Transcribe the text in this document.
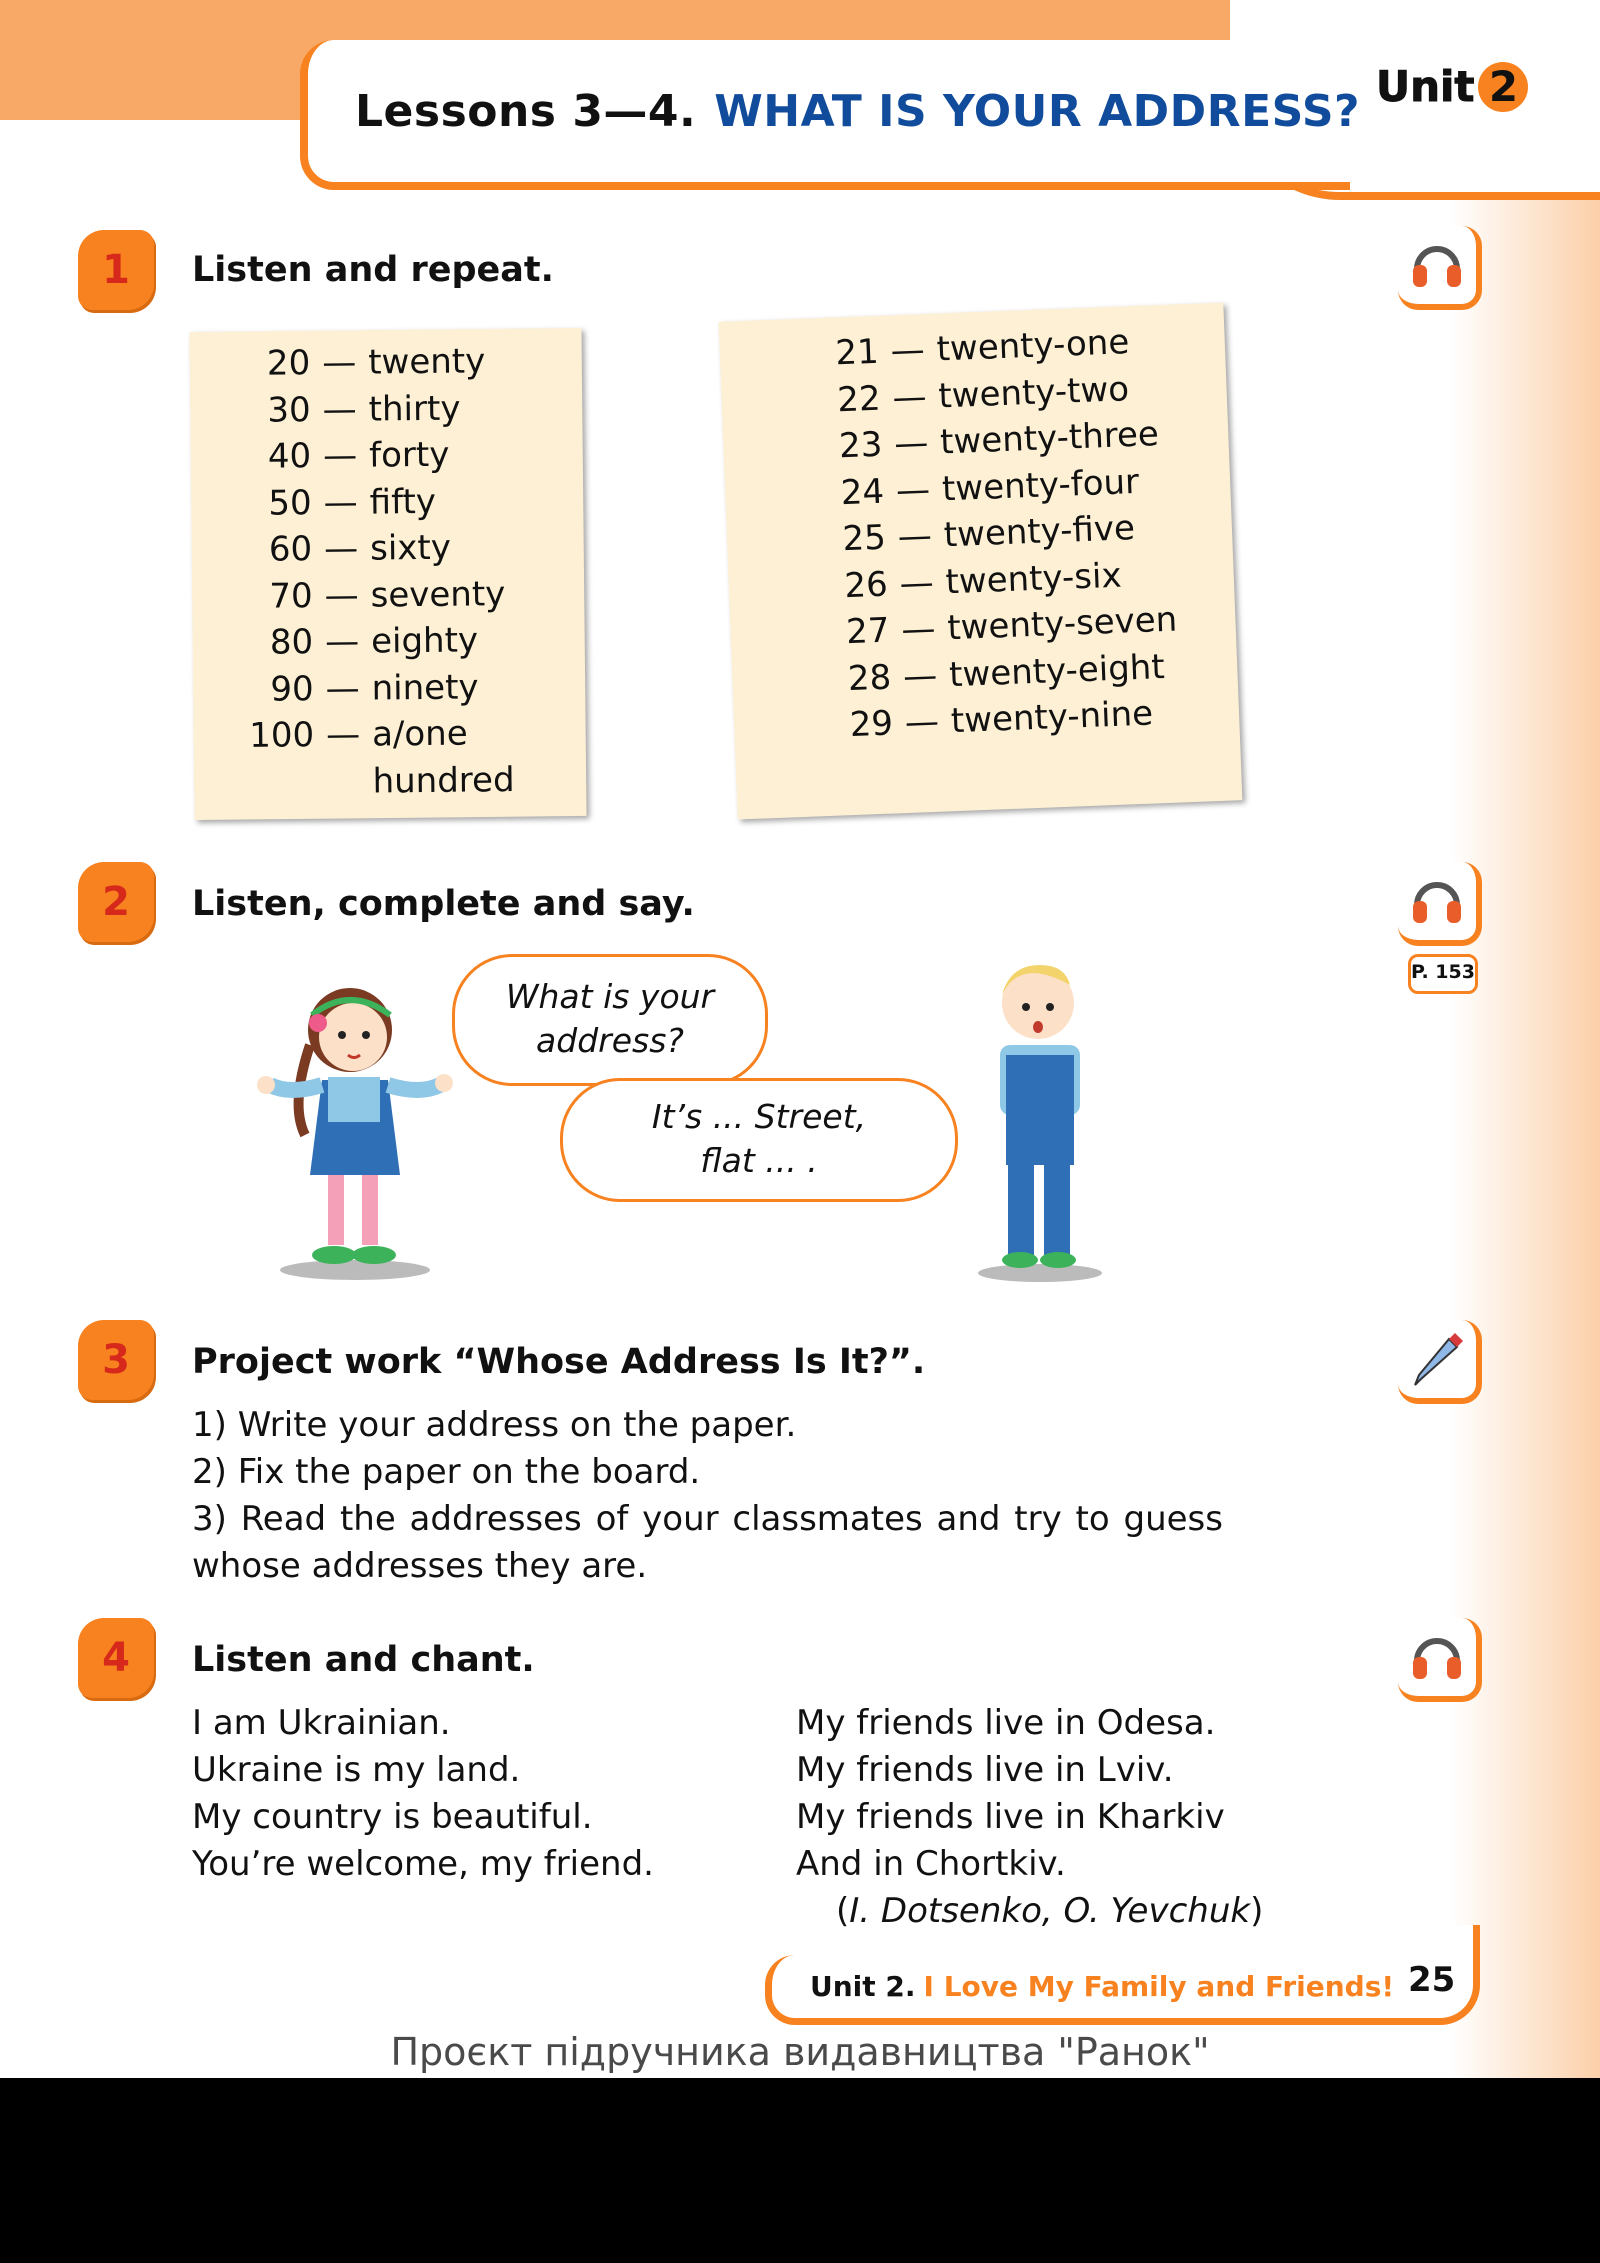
Lessons 3—4. WHAT IS YOUR ADDRESS? Unit 2
1	Listen and repeat.
20 — twenty
30 — thirty
40 — forty
50 — fifty
60 — sixty
70 — seventy
80 — eighty
90 — ninety
100 — a/one
hundred
21 — twenty-one
22 — twenty-two
23 — twenty-three
24 — twenty-four
25 — twenty-five
26 — twenty-six
27 — twenty-seven
28 — twenty-eight
29 — twenty-nine
2	Listen, complete and say.
P. 153
What is your
address?
It’s ... Street,
flat ... .
3	Project work “Whose Address Is It?”.
1) Write your address on the paper.
2) Fix the paper on the board.
3) Read the addresses of your classmates and try to guess
whose addresses they are.
4	Listen and chant.
I am Ukrainian.
Ukraine is my land.
My country is beautiful.
You’re welcome, my friend.
My friends live in Odesa.
My friends live in Lviv.
My friends live in Kharkiv
And in Chortkiv.
(I. Dotsenko, O. Yevchuk)
Unit 2. I Love My Family and Friends! 25
Проєкт підручника видавництва "Ранок"
